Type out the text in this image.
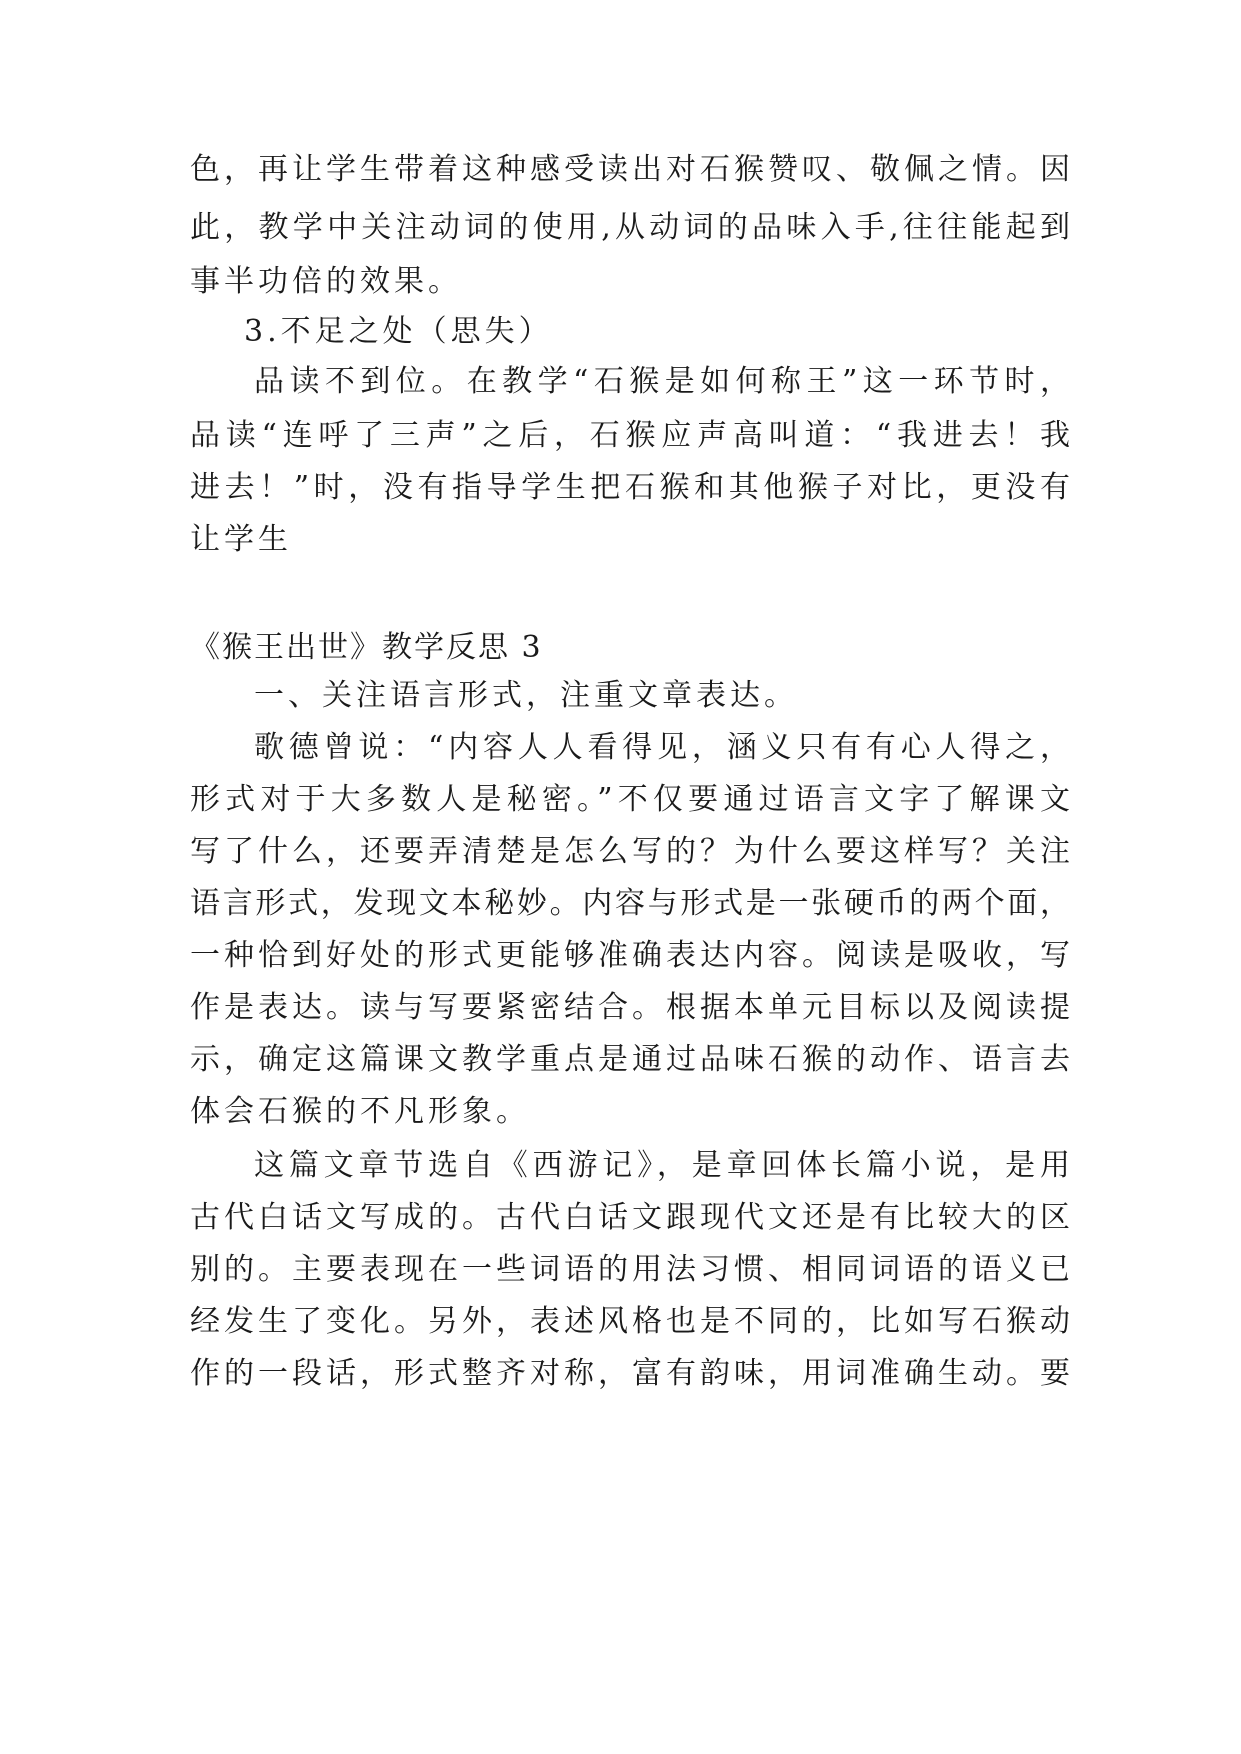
色，再让学生带着这种感受读出对石猴赞叹、敬佩之情。因
此，教学中关注动词的使用,从动词的品味入手,往往能起到
事半功倍的效果。
3.不足之处（思失）
品读不到位。在教学“石猴是如何称王”这一环节时，
品读“连呼了三声”之后，石猴应声高叫道：“我进去！我
进去！”时，没有指导学生把石猴和其他猴子对比，更没有
让学生
《猴王出世》教学反思 3
一、关注语言形式，注重文章表达。
歌德曾说：“内容人人看得见，涵义只有有心人得之，
形式对于大多数人是秘密。”不仅要通过语言文字了解课文
写了什么，还要弄清楚是怎么写的？为什么要这样写？关注
语言形式，发现文本秘妙。内容与形式是一张硬币的两个面，
一种恰到好处的形式更能够准确表达内容。阅读是吸收，写
作是表达。读与写要紧密结合。根据本单元目标以及阅读提
示，确定这篇课文教学重点是通过品味石猴的动作、语言去
体会石猴的不凡形象。
这篇文章节选自《西游记》，是章回体长篇小说，是用
古代白话文写成的。古代白话文跟现代文还是有比较大的区
别的。主要表现在一些词语的用法习惯、相同词语的语义已
经发生了变化。另外，表述风格也是不同的，比如写石猴动
作的一段话，形式整齐对称，富有韵味，用词准确生动。要
